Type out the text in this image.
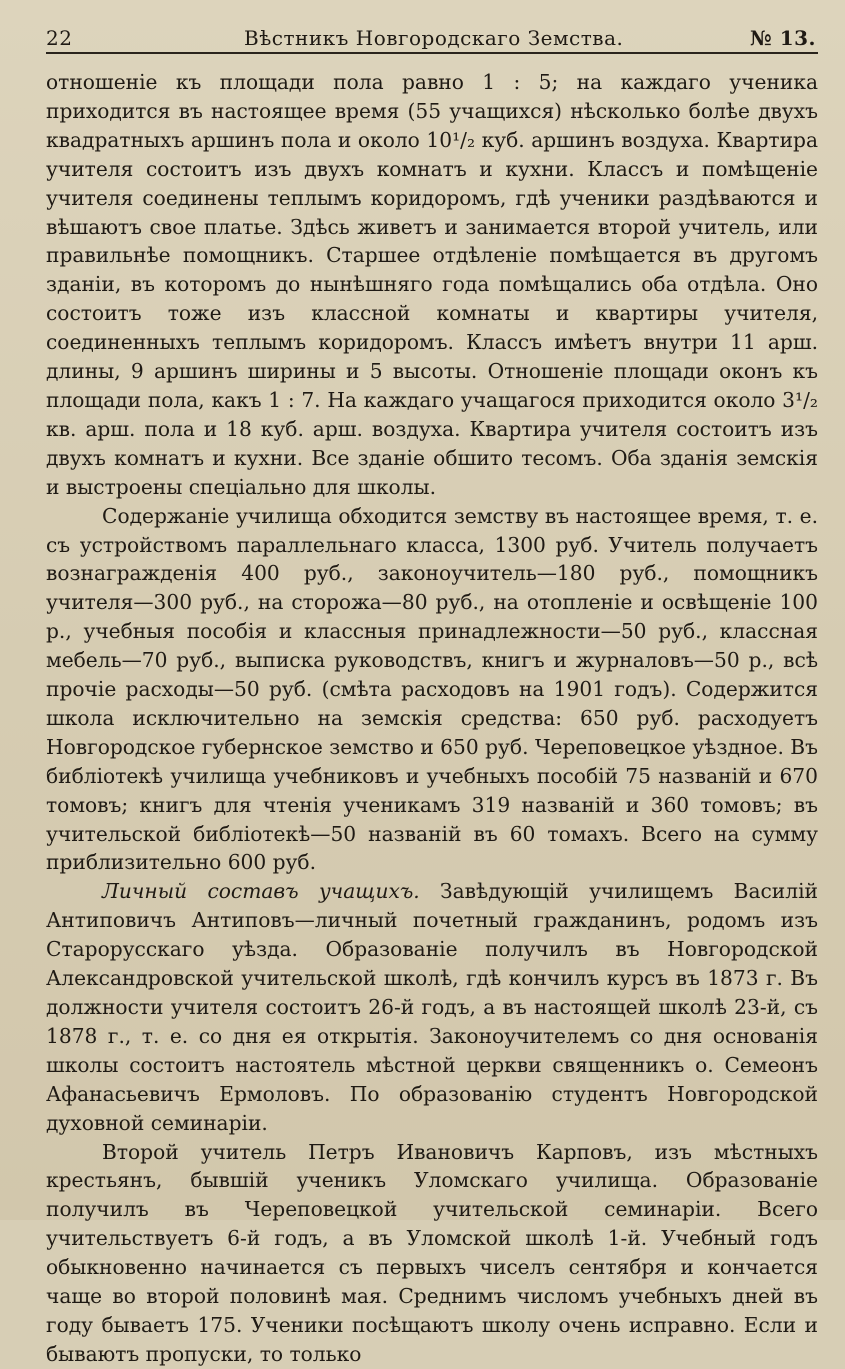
22	Вѣстникъ Новгородскаго Земства.	№ 13.

отношеніе къ площади пола равно 1 : 5; на каждаго ученика приходится въ настоящее время (55 учащихся) нѣсколько болѣе двухъ квадратныхъ аршинъ пола и около 10¹/₂ куб. аршинъ воздуха. Квартира учителя состоитъ изъ двухъ комнатъ и кухни. Классъ и помѣщеніе учителя соединены теплымъ коридоромъ, гдѣ ученики раздѣваются и вѣшаютъ свое платье. Здѣсь живетъ и занимается второй учитель, или правильнѣе помощникъ. Старшее отдѣленіе помѣщается въ другомъ зданіи, въ которомъ до нынѣшняго года помѣщались оба отдѣла. Оно состоитъ тоже изъ классной комнаты и квартиры учителя, соединенныхъ теплымъ коридоромъ. Классъ имѣетъ внутри 11 арш. длины, 9 аршинъ ширины и 5 высоты. Отношеніе площади оконъ къ площади пола, какъ 1 : 7. На каждаго учащагося приходится около 3¹/₂ кв. арш. пола и 18 куб. арш. воздуха. Квартира учителя состоитъ изъ двухъ комнатъ и кухни. Все зданіе обшито тесомъ. Оба зданія земскія и выстроены спеціально для школы.

Содержаніе училища обходится земству въ настоящее время, т. е. съ устройствомъ параллельнаго класса, 1300 руб. Учитель получаетъ вознагражденія 400 руб., законоучитель—180 руб., помощникъ учителя—300 руб., на сторожа—80 руб., на отопленіе и освѣщеніе 100 р., учебныя пособія и классныя принадлежности—50 руб., классная мебель—70 руб., выписка руководствъ, книгъ и журналовъ—50 р., всѣ прочіе расходы—50 руб. (смѣта расходовъ на 1901 годъ). Содержится школа исключительно на земскія средства: 650 руб. расходуетъ Новгородское губернское земство и 650 руб. Череповецкое уѣздное. Въ библіотекѣ училища учебниковъ и учебныхъ пособій 75 названій и 670 томовъ; книгъ для чтенія ученикамъ 319 названій и 360 томовъ; въ учительской библіотекѣ—50 названій въ 60 томахъ. Всего на сумму приблизительно 600 руб.

Личный составъ учащихъ. Завѣдующій училищемъ Василій Антиповичъ Антиповъ—личный почетный гражданинъ, родомъ изъ Старорусскаго уѣзда. Образованіе получилъ въ Новгородской Александровской учительской школѣ, гдѣ кончилъ курсъ въ 1873 г. Въ должности учителя состоитъ 26-й годъ, а въ настоящей школѣ 23-й, съ 1878 г., т. е. со дня ея открытія. Законоучителемъ со дня основанія школы состоитъ настоятель мѣстной церкви священникъ о. Семеонъ Афанасьевичъ Ермоловъ. По образованію студентъ Новгородской духовной семинаріи.

Второй учитель Петръ Ивановичъ Карповъ, изъ мѣстныхъ крестьянъ, бывшій ученикъ Уломскаго училища. Образованіе получилъ въ Череповецкой учительской семинаріи. Всего учительствуетъ 6-й годъ, а въ Уломской школѣ 1-й. Учебный годъ обыкновенно начинается съ первыхъ чиселъ сентября и кончается чаще во второй половинѣ мая. Среднимъ числомъ учебныхъ дней въ году бываетъ 175. Ученики посѣщаютъ школу очень исправно. Если и бываютъ пропуски, то только
